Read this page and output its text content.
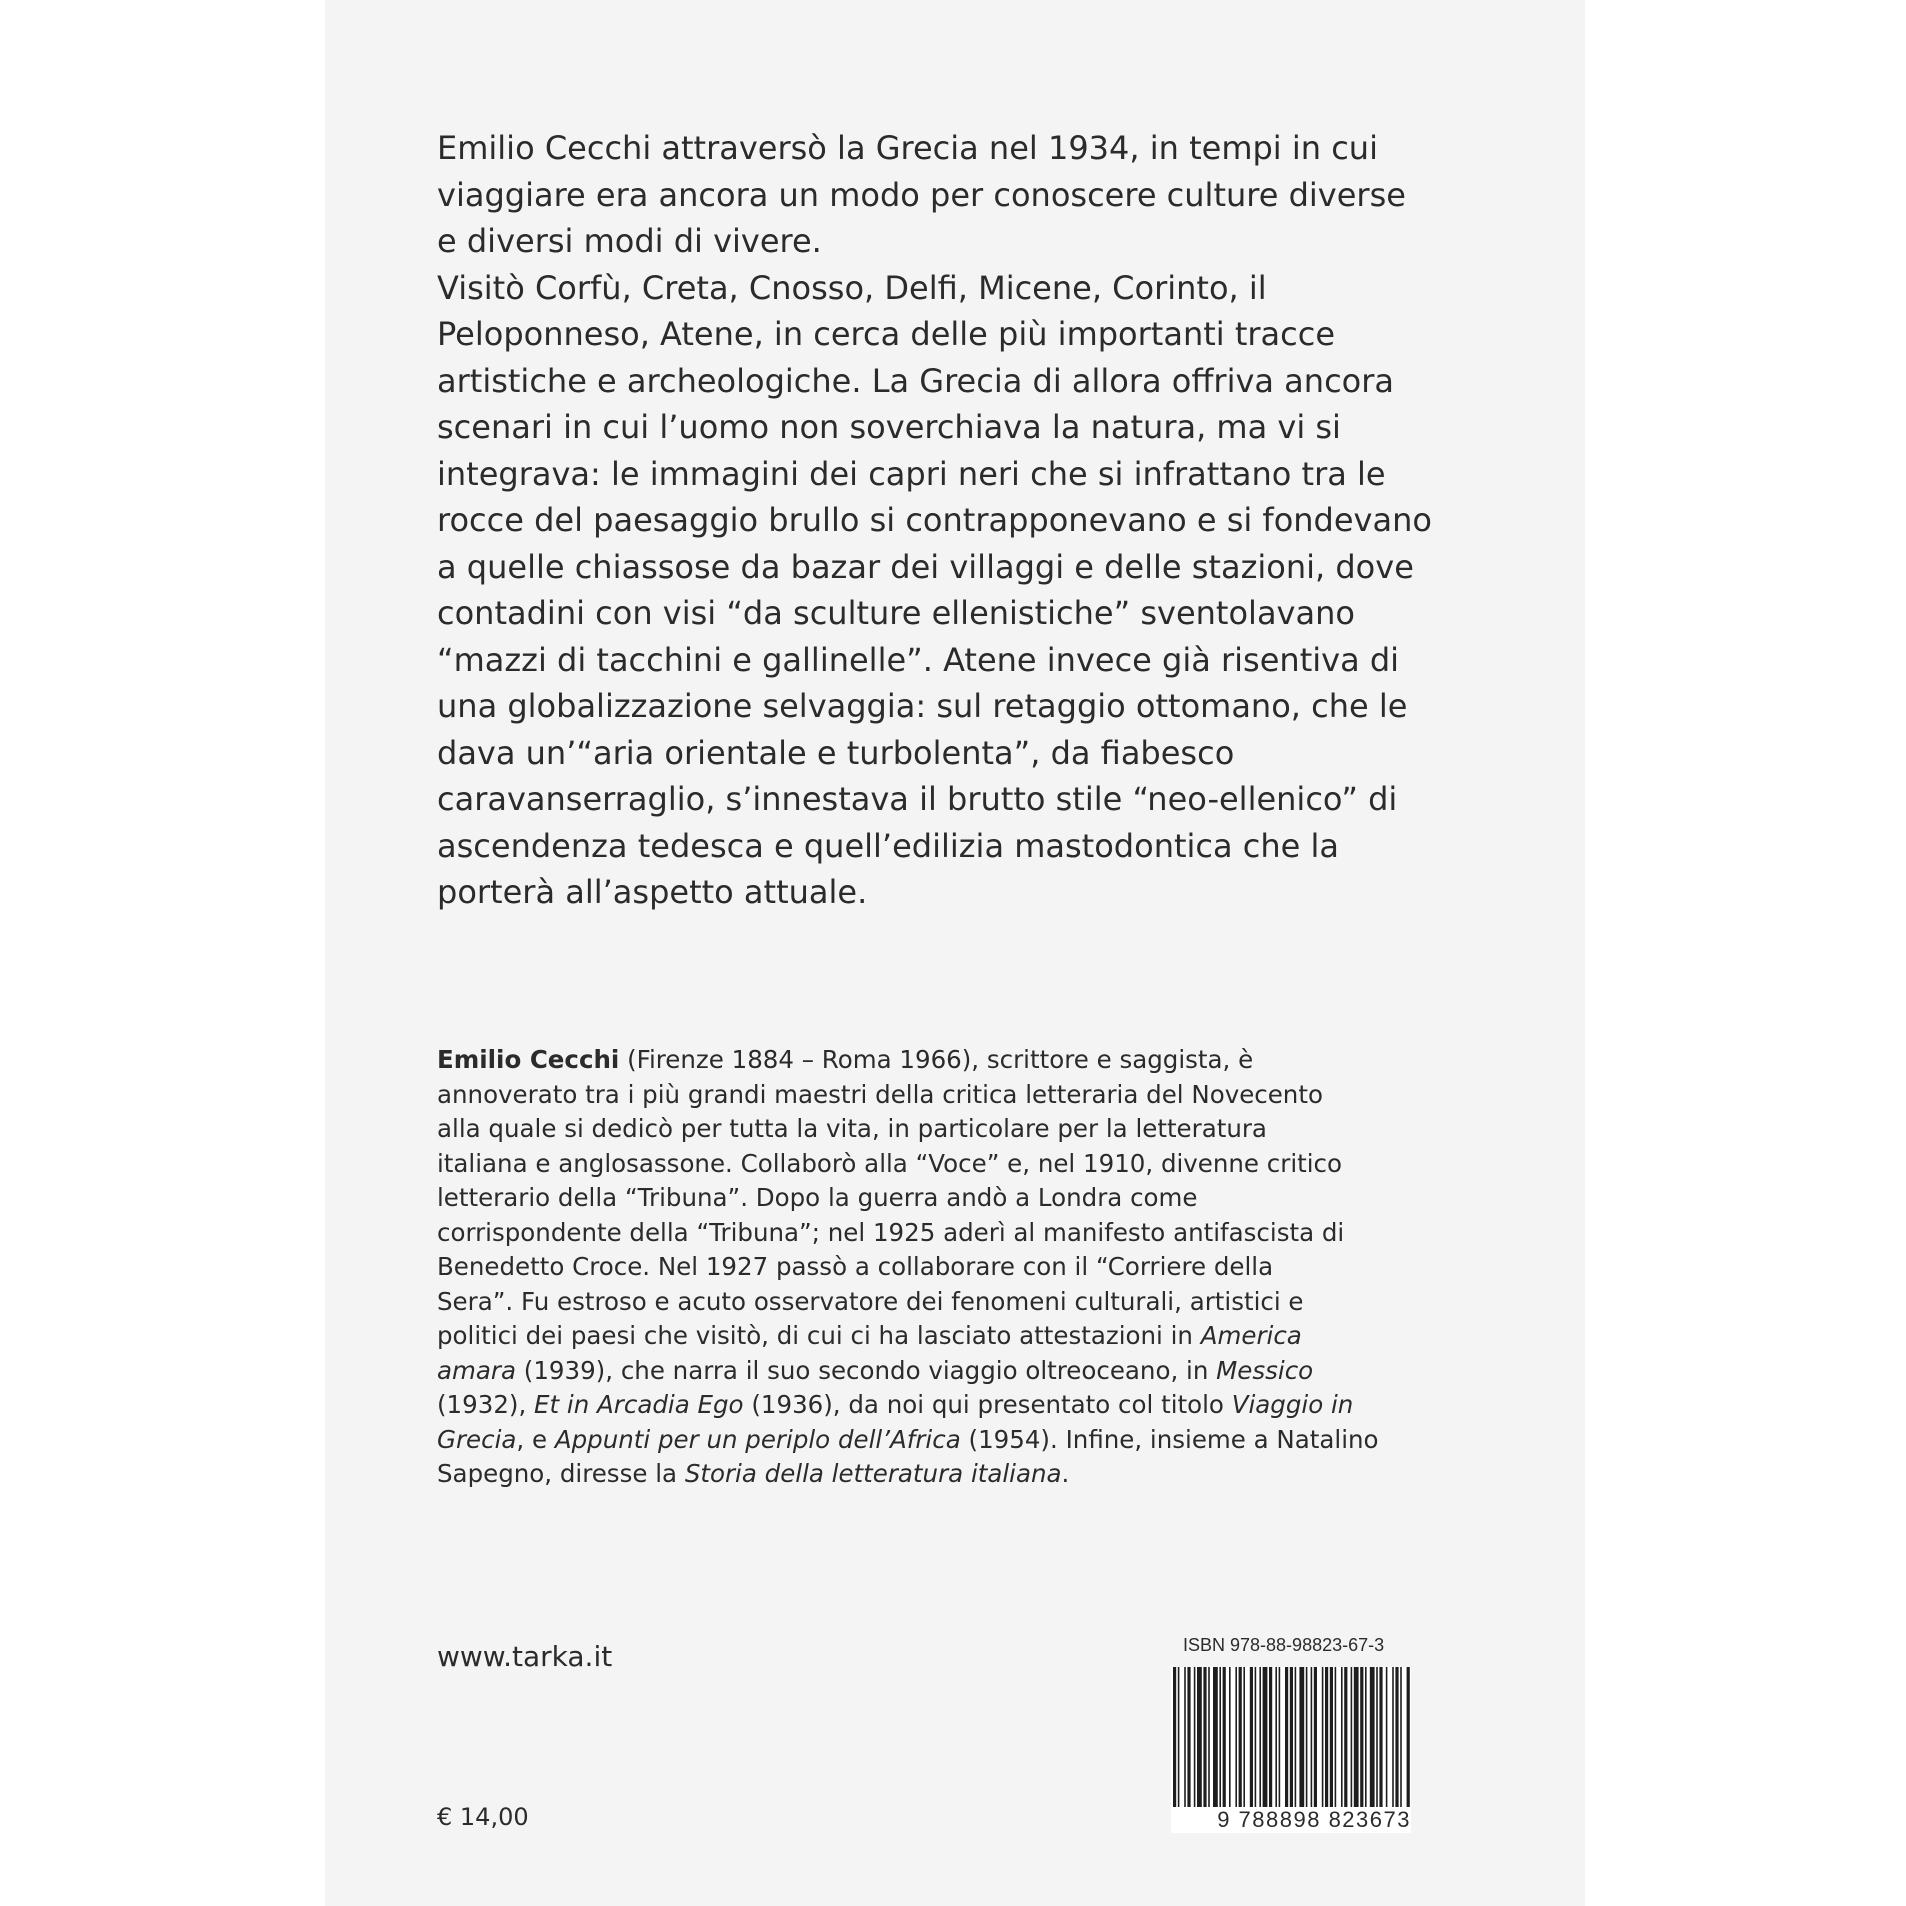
Emilio Cecchi attraversò la Grecia nel 1934, in tempi in cui

viaggiare era ancora un modo per conoscere culture diverse

e diversi modi di vivere.

Visitò Corfù, Creta, Cnosso, Delfi, Micene, Corinto, il

Peloponneso, Atene, in cerca delle più importanti tracce

artistiche e archeologiche. La Grecia di allora offriva ancora

scenari in cui l’uomo non soverchiava la natura, ma vi si

integrava: le immagini dei capri neri che si infrattano tra le

rocce del paesaggio brullo si contrapponevano e si fondevano

a quelle chiassose da bazar dei villaggi e delle stazioni, dove

contadini con visi “da sculture ellenistiche” sventolavano

“mazzi di tacchini e gallinelle”. Atene invece già risentiva di

una globalizzazione selvaggia: sul retaggio ottomano, che le

dava un’“aria orientale e turbolenta”, da fiabesco

caravanserraglio, s’innestava il brutto stile “neo-ellenico” di

ascendenza tedesca e quell’edilizia mastodontica che la

porterà all’aspetto attuale.

Emilio Cecchi (Firenze 1884 – Roma 1966), scrittore e saggista, è

annoverato tra i più grandi maestri della critica letteraria del Novecento

alla quale si dedicò per tutta la vita, in particolare per la letteratura

italiana e anglosassone. Collaborò alla “Voce” e, nel 1910, divenne critico

letterario della “Tribuna”. Dopo la guerra andò a Londra come

corrispondente della “Tribuna”; nel 1925 aderì al manifesto antifascista di

Benedetto Croce. Nel 1927 passò a collaborare con il “Corriere della

Sera”. Fu estroso e acuto osservatore dei fenomeni culturali, artistici e

politici dei paesi che visitò, di cui ci ha lasciato attestazioni in America

amara (1939), che narra il suo secondo viaggio oltreoceano, in Messico

(1932), Et in Arcadia Ego (1936), da noi qui presentato col titolo Viaggio in

Grecia, e Appunti per un periplo dell’Africa (1954). Infine, insieme a Natalino

Sapegno, diresse la Storia della letteratura italiana.

www.tarka.it
€ 14,00
ISBN 978-88-98823-67-3
9 788898 823673
